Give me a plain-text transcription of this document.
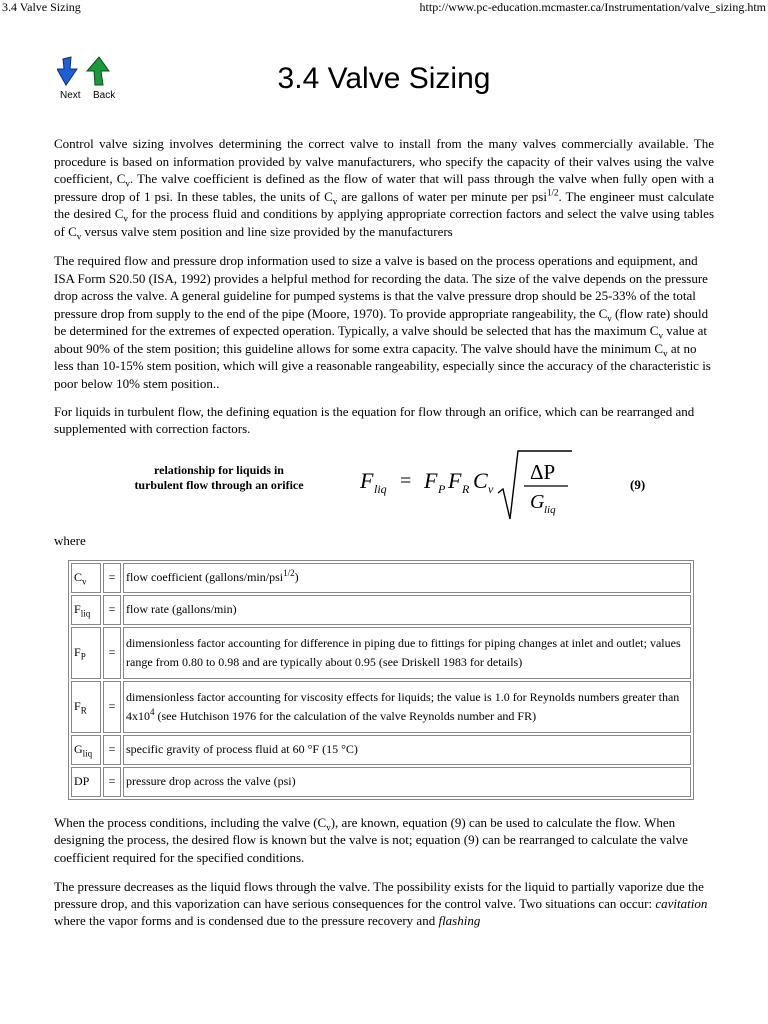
3.4 Valve Sizing	http://www.pc-education.mcmaster.ca/Instrumentation/valve_sizing.htm
Next Back
3.4 Valve Sizing

Control valve sizing involves determining the correct valve to install from the many valves commercially available. The procedure is based on information provided by valve manufacturers, who specify the capacity of their valves using the valve coefficient, $C_v$. The valve coefficient is defined as the flow of water that will pass through the valve when fully open with a pressure drop of 1 psi. In these tables, the units of $C_v$ are gallons of water per minute per psi$^{1/2}$. The engineer must calculate the desired $C_v$ for the process fluid and conditions by applying appropriate correction factors and select the valve using tables of $C_v$ versus valve stem position and line size provided by the manufacturers

The required flow and pressure drop information used to size a valve is based on the process operations and equipment, and ISA Form S20.50 (ISA, 1992) provides a helpful method for recording the data. The size of the valve depends on the pressure drop across the valve. A general guideline for pumped systems is that the valve pressure drop should be 25-33% of the total pressure drop from supply to the end of the pipe (Moore, 1970). To provide appropriate rangeability, the $C_v$ (flow rate) should be determined for the extremes of expected operation. Typically, a valve should be selected that has the maximum $C_v$ value at about 90% of the stem position; this guideline allows for some extra capacity. The valve should have the minimum $C_v$ at no less than 10-15% stem position, which will give a reasonable rangeability, especially since the accuracy of the characteristic is poor below 10% stem position..

For liquids in turbulent flow, the defining equation is the equation for flow through an orifice, which can be rearranged and supplemented with correction factors.

relationship for liquids in
turbulent flow through an orifice	F liq = F P F R C v
ΔP
G liq
(9)

where

$C_v$	=	flow coefficient (gallons/min/psi$^{1/2}$)
$F_{liq}$	=	flow rate (gallons/min)
$F_P$	=	dimensionless factor accounting for difference in piping due to fittings for piping changes at inlet and outlet; values range from 0.80 to 0.98 and are typically about 0.95 (see Driskell 1983 for details)
$F_R$	=	dimensionless factor accounting for viscosity effects for liquids; the value is 1.0 for Reynolds numbers greater than $4x10^4$ (see Hutchison 1976 for the calculation of the valve Reynolds number and FR)
$G_{liq}$	=	specific gravity of process fluid at 60 °F (15 °C)
DP	=	pressure drop across the valve (psi)

When the process conditions, including the valve $(C_v)$, are known, equation (9) can be used to calculate the flow. When designing the process, the desired flow is known but the valve is not; equation (9) can be rearranged to calculate the valve coefficient required for the specified conditions.

The pressure decreases as the liquid flows through the valve. The possibility exists for the liquid to partially vaporize due the pressure drop, and this vaporization can have serious consequences for the control valve. Two situations can occur: cavitation where the vapor forms and is condensed due to the pressure recovery and flashing
